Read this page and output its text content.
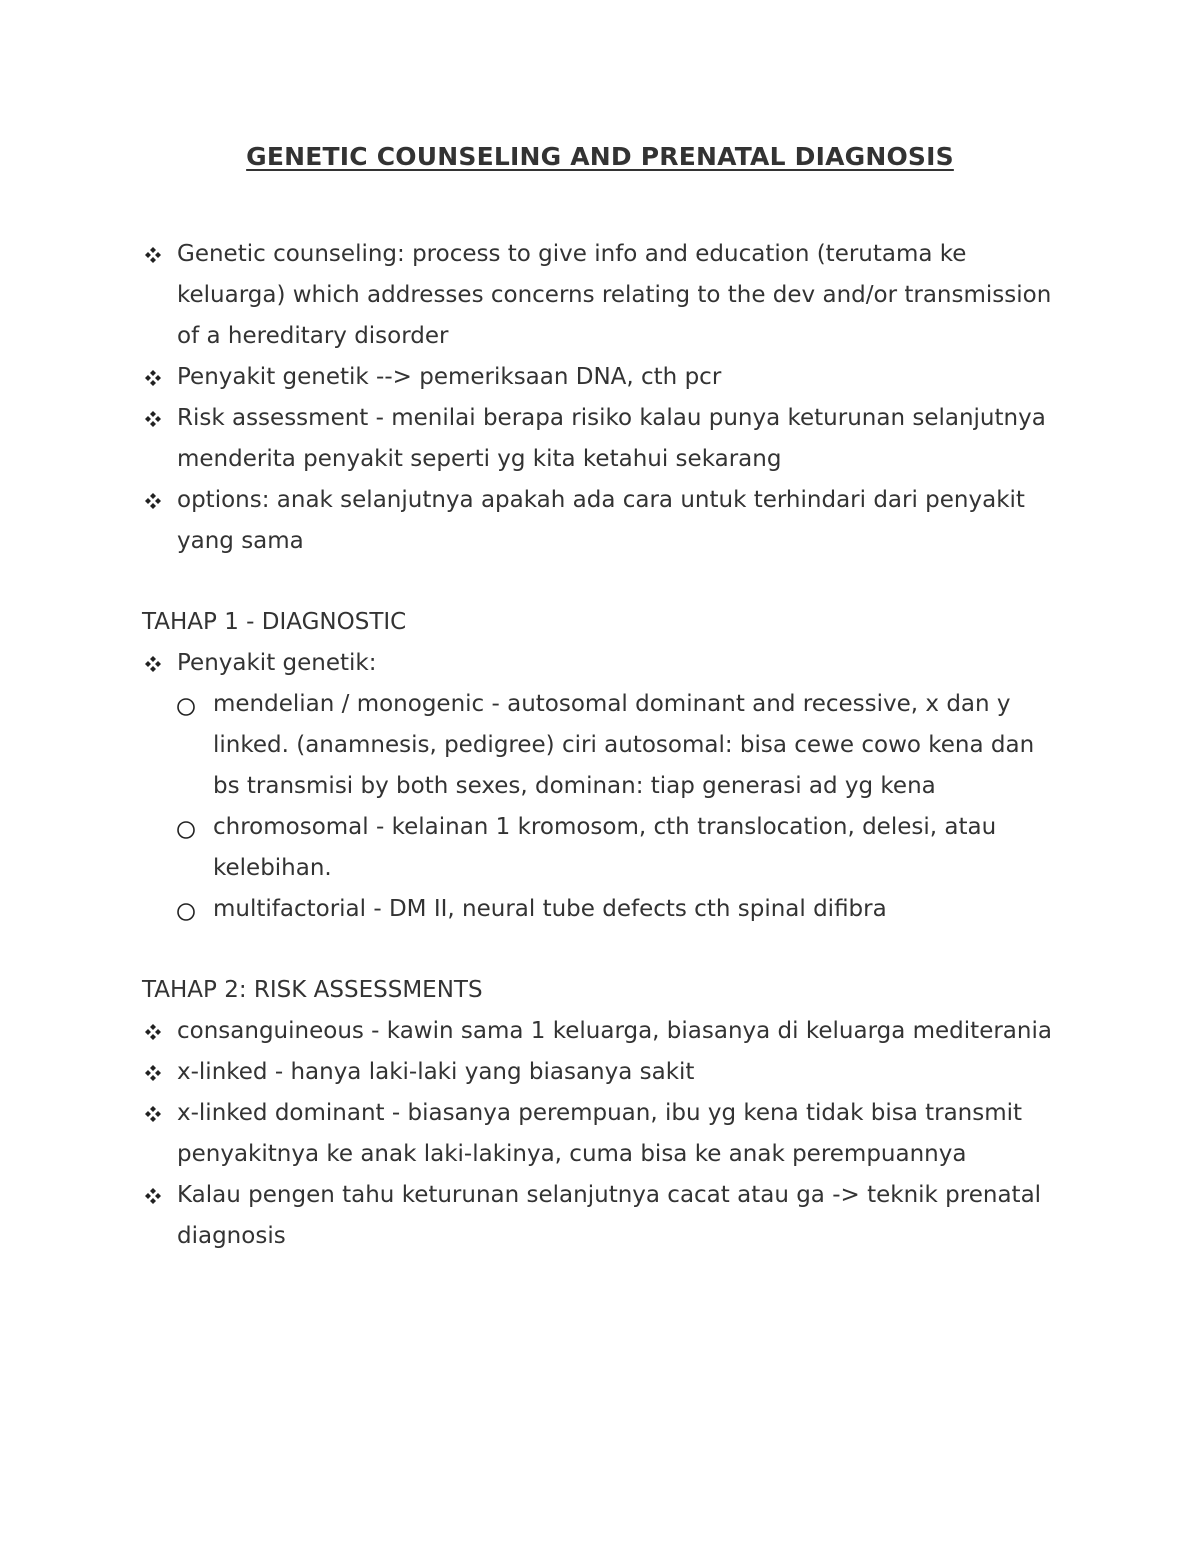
GENETIC COUNSELING AND PRENATAL DIAGNOSIS
Genetic counseling: process to give info and education (terutama ke keluarga) which addresses concerns relating to the dev and/or transmission of a hereditary disorder
Penyakit genetik --> pemeriksaan DNA, cth pcr
Risk assessment - menilai berapa risiko kalau punya keturunan selanjutnya menderita penyakit seperti yg kita ketahui sekarang
options: anak selanjutnya apakah ada cara untuk terhindari dari penyakit yang sama
TAHAP 1 - DIAGNOSTIC
Penyakit genetik:
mendelian / monogenic - autosomal dominant and recessive, x dan y linked. (anamnesis, pedigree) ciri autosomal: bisa cewe cowo kena dan bs transmisi by both sexes, dominan: tiap generasi ad yg kena
chromosomal - kelainan 1 kromosom, cth translocation, delesi, atau kelebihan.
multifactorial - DM II, neural tube defects cth spinal difibra
TAHAP 2: RISK ASSESSMENTS
consanguineous - kawin sama 1 keluarga, biasanya di keluarga mediterania
x-linked - hanya laki-laki yang biasanya sakit
x-linked dominant - biasanya perempuan, ibu yg kena tidak bisa transmit penyakitnya ke anak laki-lakinya, cuma bisa ke anak perempuannya
Kalau pengen tahu keturunan selanjutnya cacat atau ga -> teknik prenatal diagnosis
